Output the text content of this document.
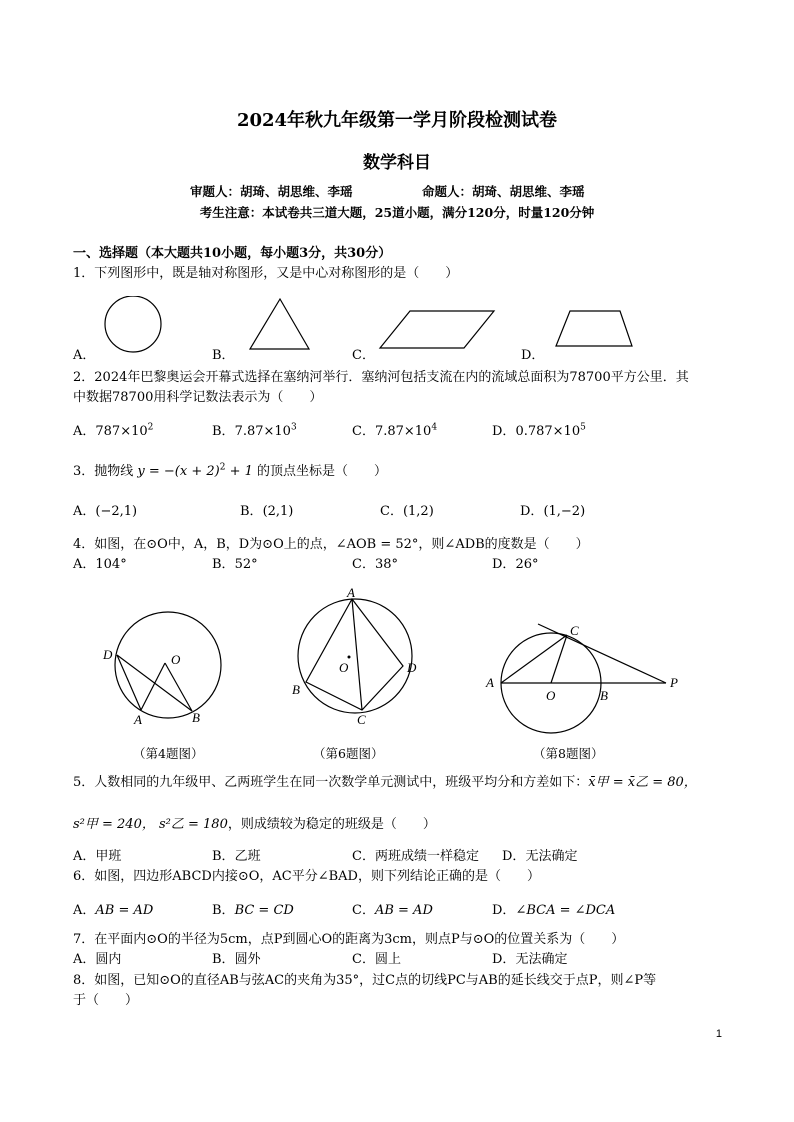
2024年秋九年级第一学月阶段检测试卷
数学科目
审题人：胡琦、胡思维、李瑶	命题人：胡琦、胡思维、李瑶
考生注意：本试卷共三道大题，25道小题，满分120分，时量120分钟
一、选择题（本大题共10小题，每小题3分，共30分）
1．下列图形中，既是轴对称图形，又是中心对称图形的是（　　）
A．	B．	C．	D．
2．2024年巴黎奥运会开幕式选择在塞纳河举行．塞纳河包括支流在内的流域总面积为78700平方公里．其
中数据78700用科学记数法表示为（　　）
A．$787\times 10^2$	B．$7.87\times 10^3$	C．$7.87\times 10^4$	D．$0.787\times 10^5$
3．抛物线 $y = -(x + 2)^2 + 1$ 的顶点坐标是（　　）
A．(−2,1)	B．(2,1)	C．(1,2)	D．(1,−2)
4．如图，在⊙O中，A，B，D为⊙O上的点，∠AOB = 52°，则∠ADB的度数是（　　）
A．104°	B．52°	C．38°	D．26°
D	O
A	B
（第4题图）
A
O	D
B
C
（第6题图）
C
A
O	B
P
（第8题图）
5．人数相同的九年级甲、乙两班学生在同一次数学单元测试中，班级平均分和方差如下：x̄甲 = x̄乙 = 80，
s²甲 = 240， s²乙 = 180，则成绩较为稳定的班级是（　　）
A．甲班	B．乙班	C．两班成绩一样稳定 D．无法确定
6．如图，四边形ABCD内接⊙O，AC平分∠BAD，则下列结论正确的是（　　）
A．AB = AD	B．BC = CD	C．AB = AD	D．∠BCA = ∠DCA
7．在平面内⊙O的半径为5cm，点P到圆心O的距离为3cm，则点P与⊙O的位置关系为（　　）
A．圆内	B．圆外	C．圆上	D．无法确定
8．如图，已知⊙O的直径AB与弦AC的夹角为35°，过C点的切线PC与AB的延长线交于点P，则∠P等
于（　　）
1
